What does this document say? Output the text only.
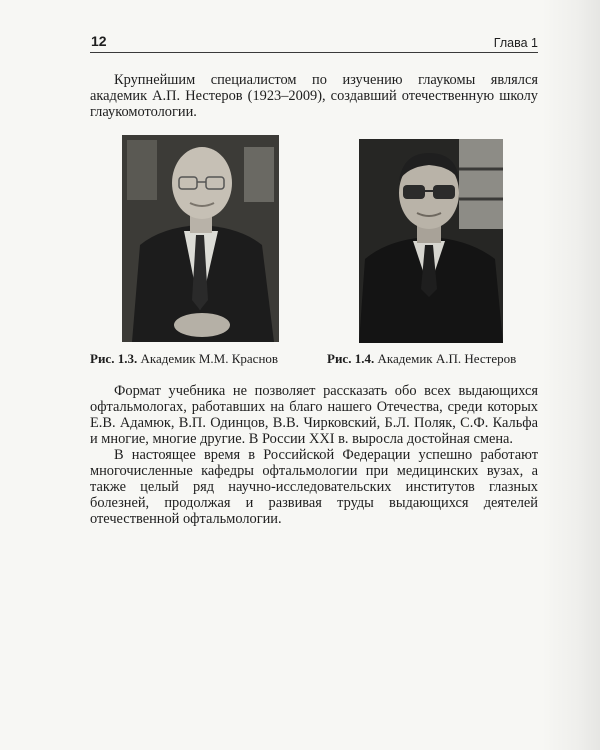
12	Глава 1

Крупнейшим специалистом по изучению глаукомы являлся академик А.П. Нестеров (1923–2009), создавший отечественную школу глаукомотологии.

Рис. 1.3. Академик М.М. Краснов	Рис. 1.4. Академик А.П. Нестеров

Формат учебника не позволяет рассказать обо всех выдающихся офтальмологах, работавших на благо нашего Отечества, среди которых Е.В. Адамюк, В.П. Одинцов, В.В. Чирковский, Б.Л. Поляк, С.Ф. Кальфа и многие, многие другие. В России XXI в. выросла достойная смена.

В настоящее время в Российской Федерации успешно работают многочисленные кафедры офтальмологии при медицинских вузах, а также целый ряд научно-исследовательских институтов глазных болезней, продолжая и развивая труды выдающихся деятелей отечественной офтальмологии.
